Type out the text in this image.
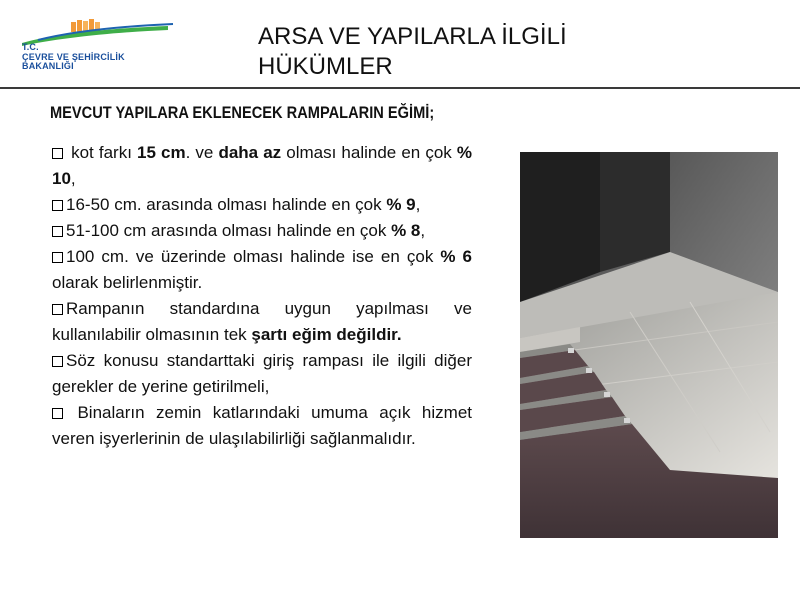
T.C.
ÇEVRE VE ŞEHİRCİLİK
BAKANLIĞI
ARSA VE YAPILARLA İLGİLİ HÜKÜMLER
MEVCUT YAPILARA EKLENECEK RAMPALARIN EĞİMİ;

kot farkı 15 cm. ve daha az olması halinde en çok % 10,

16-50 cm. arasında olması halinde en çok % 9,

51-100 cm arasında olması halinde en çok % 8,

100 cm. ve üzerinde olması halinde ise en çok % 6 olarak belirlenmiştir.

Rampanın standardına uygun yapılması ve kullanılabilir olmasının tek şartı eğim değildir.

Söz konusu standarttaki giriş rampası ile ilgili diğer gerekler de yerine getirilmeli,

Binaların zemin katlarındaki umuma açık hizmet veren işyerlerinin de ulaşılabilirliği sağlanmalıdır.
